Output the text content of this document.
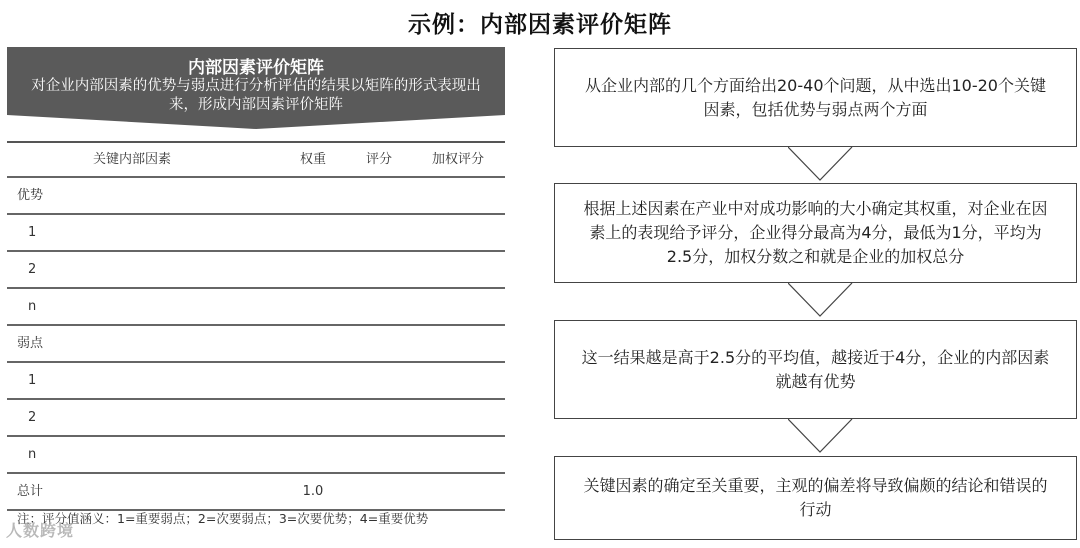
示例：内部因素评价矩阵
内部因素评价矩阵
对企业内部因素的优势与弱点进行分析评估的结果以矩阵的形式表现出来，形成内部因素评价矩阵
关键内部因素	权重	评分	加权评分
优势
1
2
n
弱点
1
2
n
总计	1.0
注：评分值涵义：1=重要弱点；2=次要弱点；3=次要优势；4=重要优势
人数跨境
从企业内部的几个方面给出20-40个问题，从中选出10-20个关键因素，包括优势与弱点两个方面
根据上述因素在产业中对成功影响的大小确定其权重，对企业在因素上的表现给予评分，企业得分最高为4分，最低为1分，平均为2.5分，加权分数之和就是企业的加权总分
这一结果越是高于2.5分的平均值，越接近于4分，企业的内部因素就越有优势
关键因素的确定至关重要，主观的偏差将导致偏颇的结论和错误的行动
